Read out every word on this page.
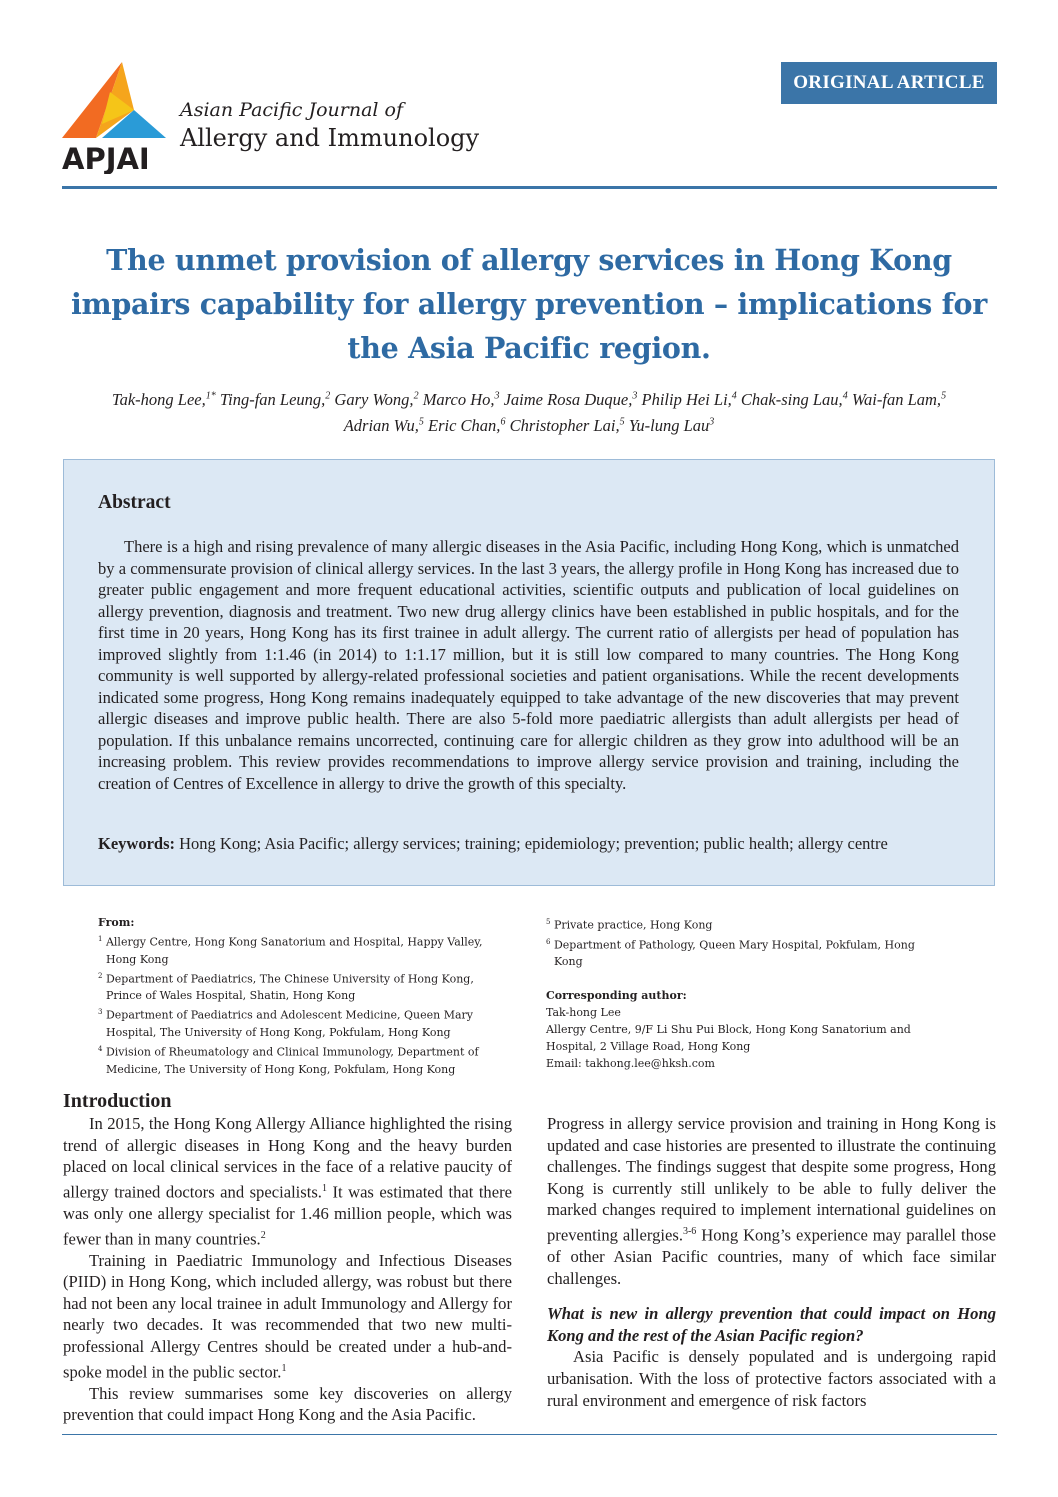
APJAI
Asian Pacific Journal of
Allergy and Immunology
ORIGINAL ARTICLE
The unmet provision of allergy services in Hong Kong
impairs capability for allergy prevention – implications for
the Asia Pacific region.
Tak-hong Lee,$^{1*}$ Ting-fan Leung,$^2$ Gary Wong,$^2$ Marco Ho,$^3$ Jaime Rosa Duque,$^3$ Philip Hei Li,$^4$ Chak-sing Lau,$^4$ Wai-fan Lam,$^5$
Adrian Wu,$^5$ Eric Chan,$^6$ Christopher Lai,$^5$ Yu-lung Lau$^3$
Abstract
There is a high and rising prevalence of many allergic diseases in the Asia Pacific, including Hong Kong, which is unmatched by a commensurate provision of clinical allergy services. In the last 3 years, the allergy profile in Hong Kong has increased due to greater public engagement and more frequent educational activities, scientific outputs and publication of local guidelines on allergy prevention, diagnosis and treatment. Two new drug allergy clinics have been established in public hospitals, and for the first time in 20 years, Hong Kong has its first trainee in adult allergy. The current ratio of allergists per head of population has improved slightly from 1:1.46 (in 2014) to 1:1.17 million, but it is still low compared to many countries. The Hong Kong community is well supported by allergy-related professional societies and patient organisations. While the recent developments indicated some progress, Hong Kong remains inadequately equipped to take advantage of the new discoveries that may prevent allergic diseases and improve public health. There are also 5-fold more paediatric allergists than adult allergists per head of population. If this unbalance remains uncorrected, continuing care for allergic children as they grow into adulthood will be an increasing problem. This review provides recommendations to improve allergy service provision and training, including the creation of Centres of Excellence in allergy to drive the growth of this specialty.
Keywords: Hong Kong; Asia Pacific; allergy services; training; epidemiology; prevention; public health; allergy centre
From:
$^1$ Allergy Centre, Hong Kong Sanatorium and Hospital, Happy Valley, Hong Kong
$^2$ Department of Paediatrics, The Chinese University of Hong Kong, Prince of Wales Hospital, Shatin, Hong Kong
$^3$ Department of Paediatrics and Adolescent Medicine, Queen Mary Hospital, The University of Hong Kong, Pokfulam, Hong Kong
$^4$ Division of Rheumatology and Clinical Immunology, Department of Medicine, The University of Hong Kong, Pokfulam, Hong Kong
$^5$ Private practice, Hong Kong
$^6$ Department of Pathology, Queen Mary Hospital, Pokfulam, Hong Kong
Corresponding author:
Tak-hong Lee
Allergy Centre, 9/F Li Shu Pui Block, Hong Kong Sanatorium and Hospital, 2 Village Road, Hong Kong
Email: takhong.lee@hksh.com
Introduction

In 2015, the Hong Kong Allergy Alliance highlighted the rising trend of allergic diseases in Hong Kong and the heavy burden placed on local clinical services in the face of a relative paucity of allergy trained doctors and specialists.$^1$ It was estimated that there was only one allergy specialist for 1.46 million people, which was fewer than in many countries.$^2$

Training in Paediatric Immunology and Infectious Diseases (PIID) in Hong Kong, which included allergy, was robust but there had not been any local trainee in adult Immunology and Allergy for nearly two decades. It was recommended that two new multi-professional Allergy Centres should be created under a hub-and-spoke model in the public sector.$^1$

This review summarises some key discoveries on allergy prevention that could impact Hong Kong and the Asia Pacific.

Progress in allergy service provision and training in Hong Kong is updated and case histories are presented to illustrate the continuing challenges. The findings suggest that despite some progress, Hong Kong is currently still unlikely to be able to fully deliver the marked changes required to implement international guidelines on preventing allergies.$^{3-6}$ Hong Kong’s experience may parallel those of other Asian Pacific countries, many of which face similar challenges.

What is new in allergy prevention that could impact on Hong Kong and the rest of the Asian Pacific region?

Asia Pacific is densely populated and is undergoing rapid urbanisation. With the loss of protective factors associated with a rural environment and emergence of risk factors
